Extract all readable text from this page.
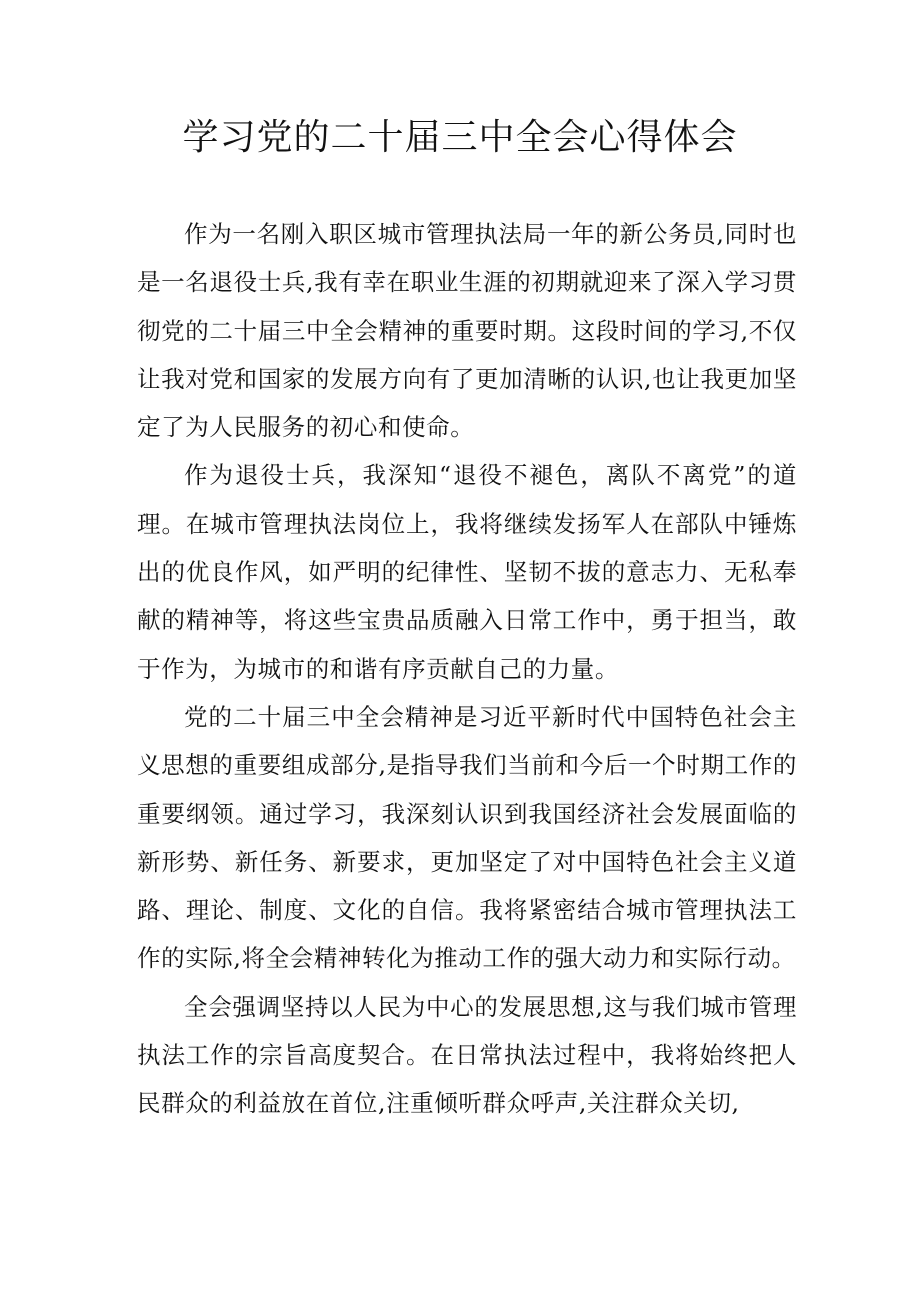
学习党的二十届三中全会心得体会

作为一名刚入职区城市管理执法局一年的新公务员,同时也是一名退役士兵,我有幸在职业生涯的初期就迎来了深入学习贯彻党的二十届三中全会精神的重要时期。这段时间的学习,不仅让我对党和国家的发展方向有了更加清晰的认识,也让我更加坚定了为人民服务的初心和使命。

作为退役士兵，我深知“退役不褪色，离队不离党”的道理。在城市管理执法岗位上，我将继续发扬军人在部队中锤炼出的优良作风，如严明的纪律性、坚韧不拔的意志力、无私奉献的精神等，将这些宝贵品质融入日常工作中，勇于担当，敢于作为，为城市的和谐有序贡献自己的力量。

党的二十届三中全会精神是习近平新时代中国特色社会主义思想的重要组成部分,是指导我们当前和今后一个时期工作的重要纲领。通过学习，我深刻认识到我国经济社会发展面临的新形势、新任务、新要求，更加坚定了对中国特色社会主义道路、理论、制度、文化的自信。我将紧密结合城市管理执法工作的实际,将全会精神转化为推动工作的强大动力和实际行动。

全会强调坚持以人民为中心的发展思想,这与我们城市管理执法工作的宗旨高度契合。在日常执法过程中，我将始终把人民群众的利益放在首位,注重倾听群众呼声,关注群众关切,
